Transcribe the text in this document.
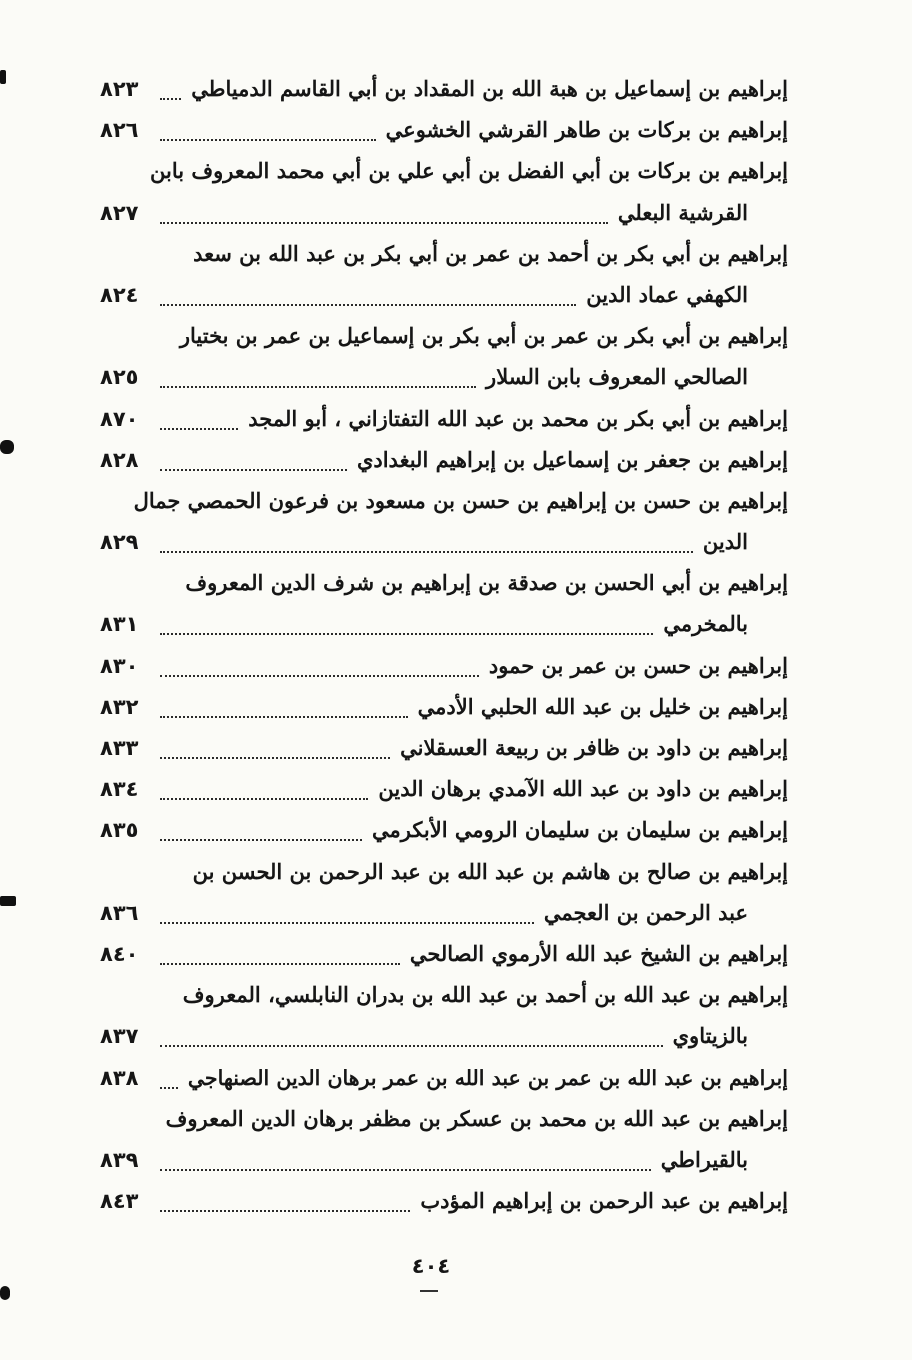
إبراهيم بن إسماعيل بن هبة الله بن المقداد بن أبي القاسم الدمياطي
٨٢٣
إبراهيم بن بركات بن طاهر القرشي الخشوعي
٨٢٦
إبراهيم بن بركات بن أبي الفضل بن أبي علي بن أبي محمد المعروف بابن
القرشية البعلي
٨٢٧
إبراهيم بن أبي بكر بن أحمد بن عمر بن أبي بكر بن عبد الله بن سعد
الكهفي عماد الدين
٨٢٤
إبراهيم بن أبي بكر بن عمر بن أبي بكر بن إسماعيل بن عمر بن بختيار
الصالحي المعروف بابن السلار
٨٢٥
إبراهيم بن أبي بكر بن محمد بن عبد الله التفتازاني ، أبو المجد
٨٧٠
إبراهيم بن جعفر بن إسماعيل بن إبراهيم البغدادي
٨٢٨
إبراهيم بن حسن بن إبراهيم بن حسن بن مسعود بن فرعون الحمصي جمال
الدين
٨٢٩
إبراهيم بن أبي الحسن بن صدقة بن إبراهيم بن شرف الدين المعروف
بالمخرمي
٨٣١
إبراهيم بن حسن بن عمر بن حمود
٨٣٠
إبراهيم بن خليل بن عبد الله الحلبي الأدمي
٨٣٢
إبراهيم بن داود بن ظافر بن ربيعة العسقلاني
٨٣٣
إبراهيم بن داود بن عبد الله الآمدي برهان الدين
٨٣٤
إبراهيم بن سليمان بن سليمان الرومي الأبكرمي
٨٣٥
إبراهيم بن صالح بن هاشم بن عبد الله بن عبد الرحمن بن الحسن بن
عبد الرحمن بن العجمي
٨٣٦
إبراهيم بن الشيخ عبد الله الأرموي الصالحي
٨٤٠
إبراهيم بن عبد الله بن أحمد بن عبد الله بن بدران النابلسي، المعروف
بالزيتاوي
٨٣٧
إبراهيم بن عبد الله بن عمر بن عبد الله بن عمر برهان الدين الصنهاجي
٨٣٨
إبراهيم بن عبد الله بن محمد بن عسكر بن مظفر برهان الدين المعروف
بالقيراطي
٨٣٩
إبراهيم بن عبد الرحمن بن إبراهيم المؤدب
٨٤٣
٤٠٤
